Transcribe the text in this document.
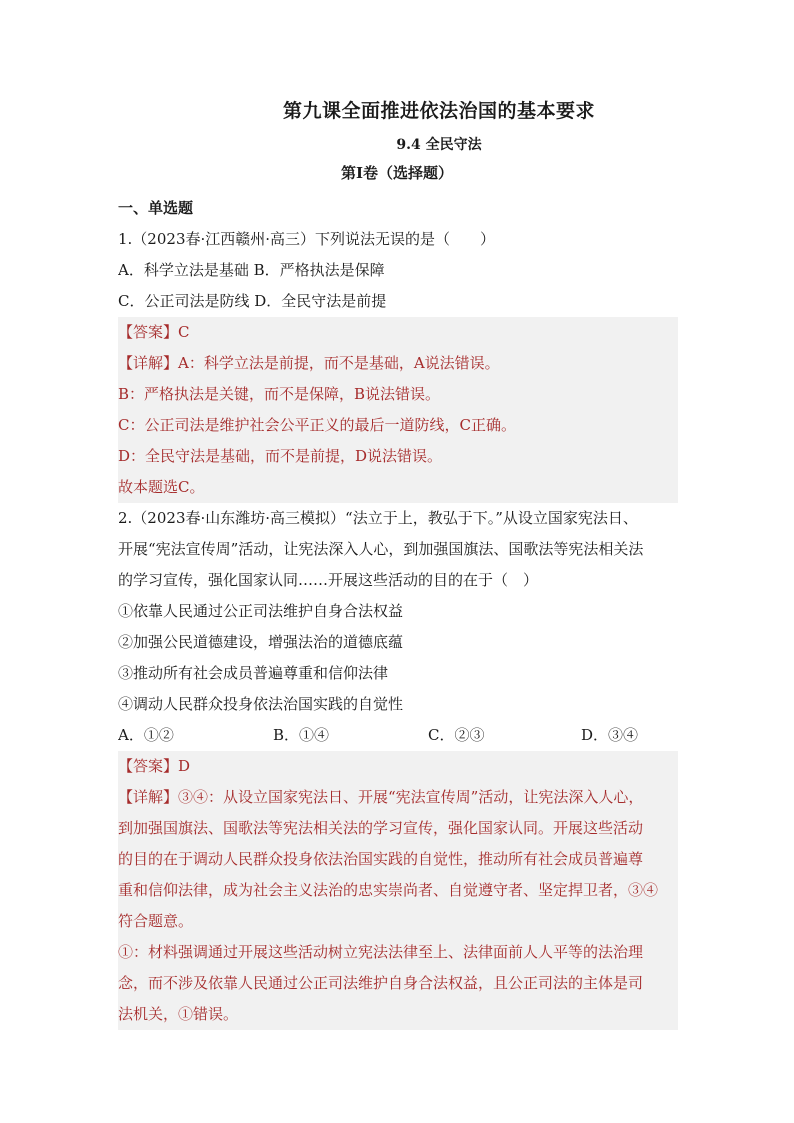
第九课全面推进依法治国的基本要求
9.4 全民守法
第I卷（选择题）
一、单选题
1.（2023春·江西赣州·高三）下列说法无误的是（　　）
A．科学立法是基础 B．严格执法是保障
C．公正司法是防线 D．全民守法是前提
【答案】C
【详解】A：科学立法是前提，而不是基础，A说法错误。
B：严格执法是关键，而不是保障，B说法错误。
C：公正司法是维护社会公平正义的最后一道防线，C正确。
D：全民守法是基础，而不是前提，D说法错误。
故本题选C。
2.（2023春·山东潍坊·高三模拟）“法立于上，教弘于下。”从设立国家宪法日、
开展“宪法宣传周”活动，让宪法深入人心，到加强国旗法、国歌法等宪法相关法
的学习宣传，强化国家认同……开展这些活动的目的在于（　）
①依靠人民通过公正司法维护自身合法权益
②加强公民道德建设，增强法治的道德底蕴
③推动所有社会成员普遍尊重和信仰法律
④调动人民群众投身依法治国实践的自觉性
A．①②	B．①④	C．②③	D．③④
【答案】D
【详解】③④：从设立国家宪法日、开展“宪法宣传周”活动，让宪法深入人心，
到加强国旗法、国歌法等宪法相关法的学习宣传，强化国家认同。开展这些活动
的目的在于调动人民群众投身依法治国实践的自觉性，推动所有社会成员普遍尊
重和信仰法律，成为社会主义法治的忠实崇尚者、自觉遵守者、坚定捍卫者，③④
符合题意。
①：材料强调通过开展这些活动树立宪法法律至上、法律面前人人平等的法治理
念，而不涉及依靠人民通过公正司法维护自身合法权益，且公正司法的主体是司
法机关，①错误。
